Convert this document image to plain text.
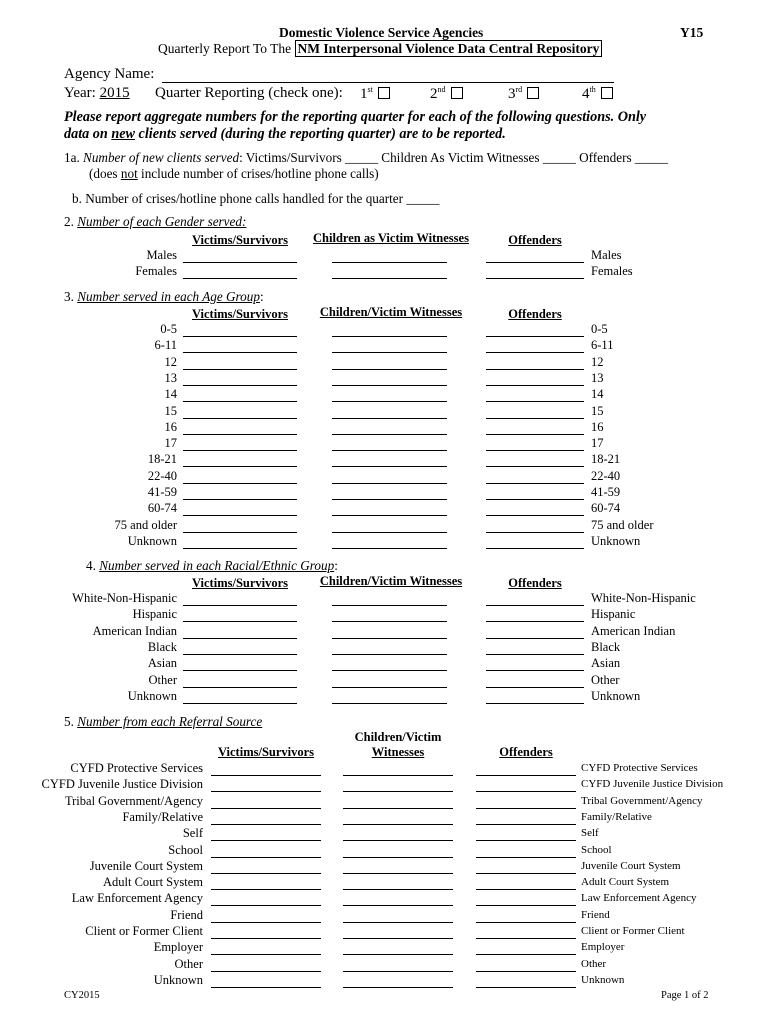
Domestic Violence Service Agencies	Y15
Quarterly Report To The NM Interpersonal Violence Data Central Repository
Agency Name:
Year: 2015 Quarter Reporting (check one): 1st	2nd	3rd	4th
Please report aggregate numbers for the reporting quarter for each of the following questions. Only
data on new clients served (during the reporting quarter) are to be reported.
1a. Number of new clients served: Victims/Survivors _____ Children As Victim Witnesses _____ Offenders _____
(does not include number of crises/hotline phone calls)
b. Number of crises/hotline phone calls handled for the quarter _____
2. Number of each Gender served:
Victims/Survivors	Children as Victim Witnesses	Offenders
Males	Males
Females	Females
3. Number served in each Age Group:
Victims/Survivors	Children/Victim Witnesses	Offenders
0-5	0-5
6-11	6-11
12	12
13	13
14	14
15	15
16	16
17	17
18-21	18-21
22-40	22-40
41-59	41-59
60-74	60-74
75 and older	75 and older
Unknown	Unknown
4. Number served in each Racial/Ethnic Group:
Victims/Survivors	Children/Victim Witnesses	Offenders
White-Non-Hispanic	White-Non-Hispanic
Hispanic	Hispanic
American Indian	American Indian
Black	Black
Asian	Asian
Other	Other
Unknown	Unknown
5. Number from each Referral Source
Victims/Survivors
Children/Victim
Witnesses	Offenders
CYFD Protective Services	CYFD Protective Services
CYFD Juvenile Justice Division	CYFD Juvenile Justice Division
Tribal Government/Agency	Tribal Government/Agency
Family/Relative	Family/Relative
Self	Self
School	School
Juvenile Court System	Juvenile Court System
Adult Court System	Adult Court System
Law Enforcement Agency	Law Enforcement Agency
Friend	Friend
Client or Former Client	Client or Former Client
Employer	Employer
Other	Other
Unknown	Unknown
CY2015	Page 1 of 2
